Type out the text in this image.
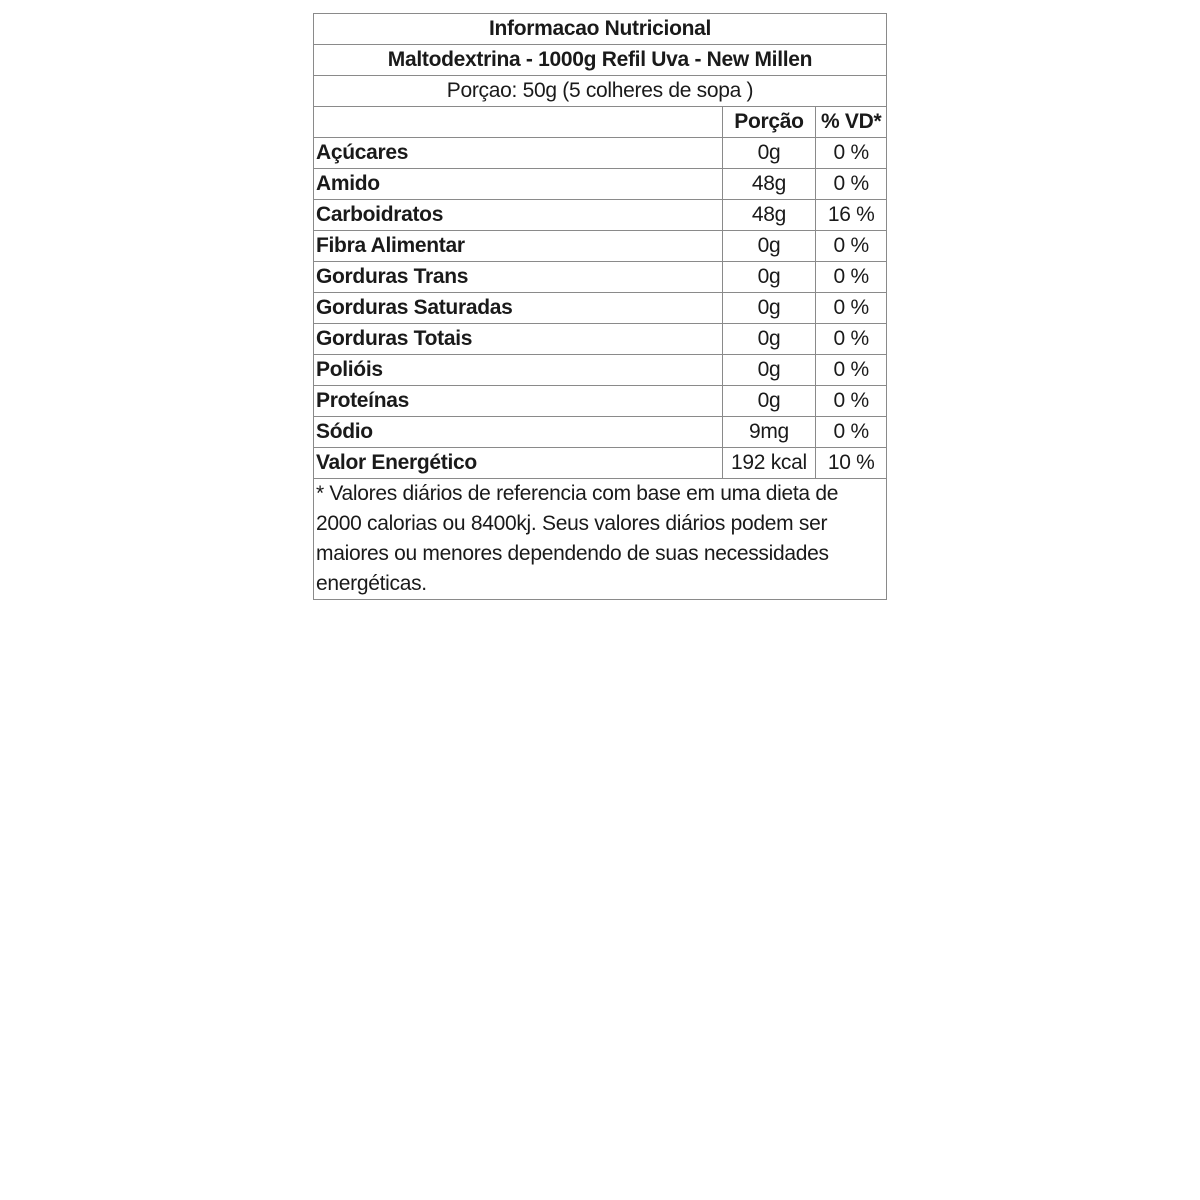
Informacao Nutricional		
Maltodextrina - 1000g Refil Uva - New Millen		
Porçao: 50g (5 colheres de sopa )		
	Porção	% VD*
Açúcares	0g	0 %
Amido	48g	0 %
Carboidratos	48g	16 %
Fibra Alimentar	0g	0 %
Gorduras Trans	0g	0 %
Gorduras Saturadas	0g	0 %
Gorduras Totais	0g	0 %
Polióis	0g	0 %
Proteínas	0g	0 %
Sódio	9mg	0 %
Valor Energético	192 kcal	10 %
* Valores diários de referencia com base em uma dieta de 2000 calorias ou 8400kj. Seus valores diários podem ser maiores ou menores dependendo de suas necessidades energéticas.		
